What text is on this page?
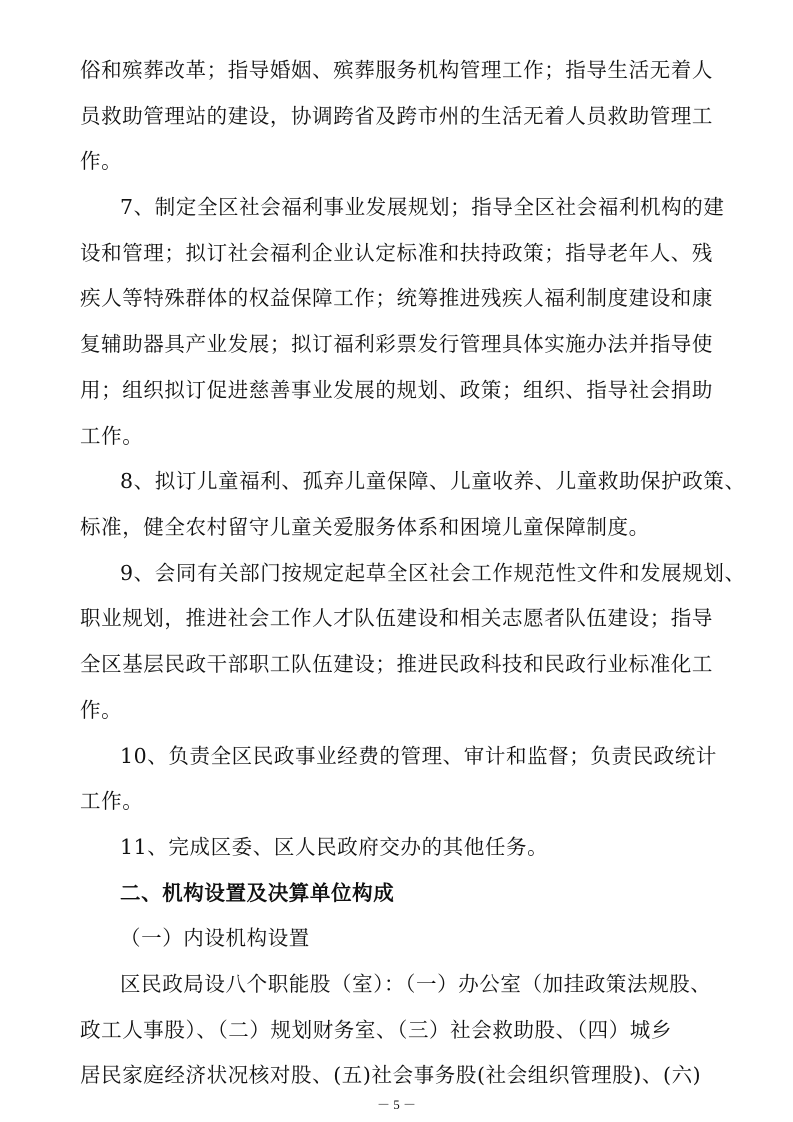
俗和殡葬改革；指导婚姻、殡葬服务机构管理工作；指导生活无着人
员救助管理站的建设，协调跨省及跨市州的生活无着人员救助管理工
作。
7、制定全区社会福利事业发展规划；指导全区社会福利机构的建
设和管理；拟订社会福利企业认定标准和扶持政策；指导老年人、残
疾人等特殊群体的权益保障工作；统筹推进残疾人福利制度建设和康
复辅助器具产业发展；拟订福利彩票发行管理具体实施办法并指导使
用；组织拟订促进慈善事业发展的规划、政策；组织、指导社会捐助
工作。
8、拟订儿童福利、孤弃儿童保障、儿童收养、儿童救助保护政策、
标准，健全农村留守儿童关爱服务体系和困境儿童保障制度。
9、会同有关部门按规定起草全区社会工作规范性文件和发展规划、
职业规划，推进社会工作人才队伍建设和相关志愿者队伍建设；指导
全区基层民政干部职工队伍建设；推进民政科技和民政行业标准化工
作。
10、负责全区民政事业经费的管理、审计和监督；负责民政统计
工作。
11、完成区委、区人民政府交办的其他任务。
二、机构设置及决算单位构成
（一）内设机构设置
区民政局设八个职能股（室）：（一）办公室（加挂政策法规股、
政工人事股）、（二）规划财务室、（三）社会救助股、（四）城乡
居民家庭经济状况核对股、(五)社会事务股(社会组织管理股)、(六)
－ 5 －
